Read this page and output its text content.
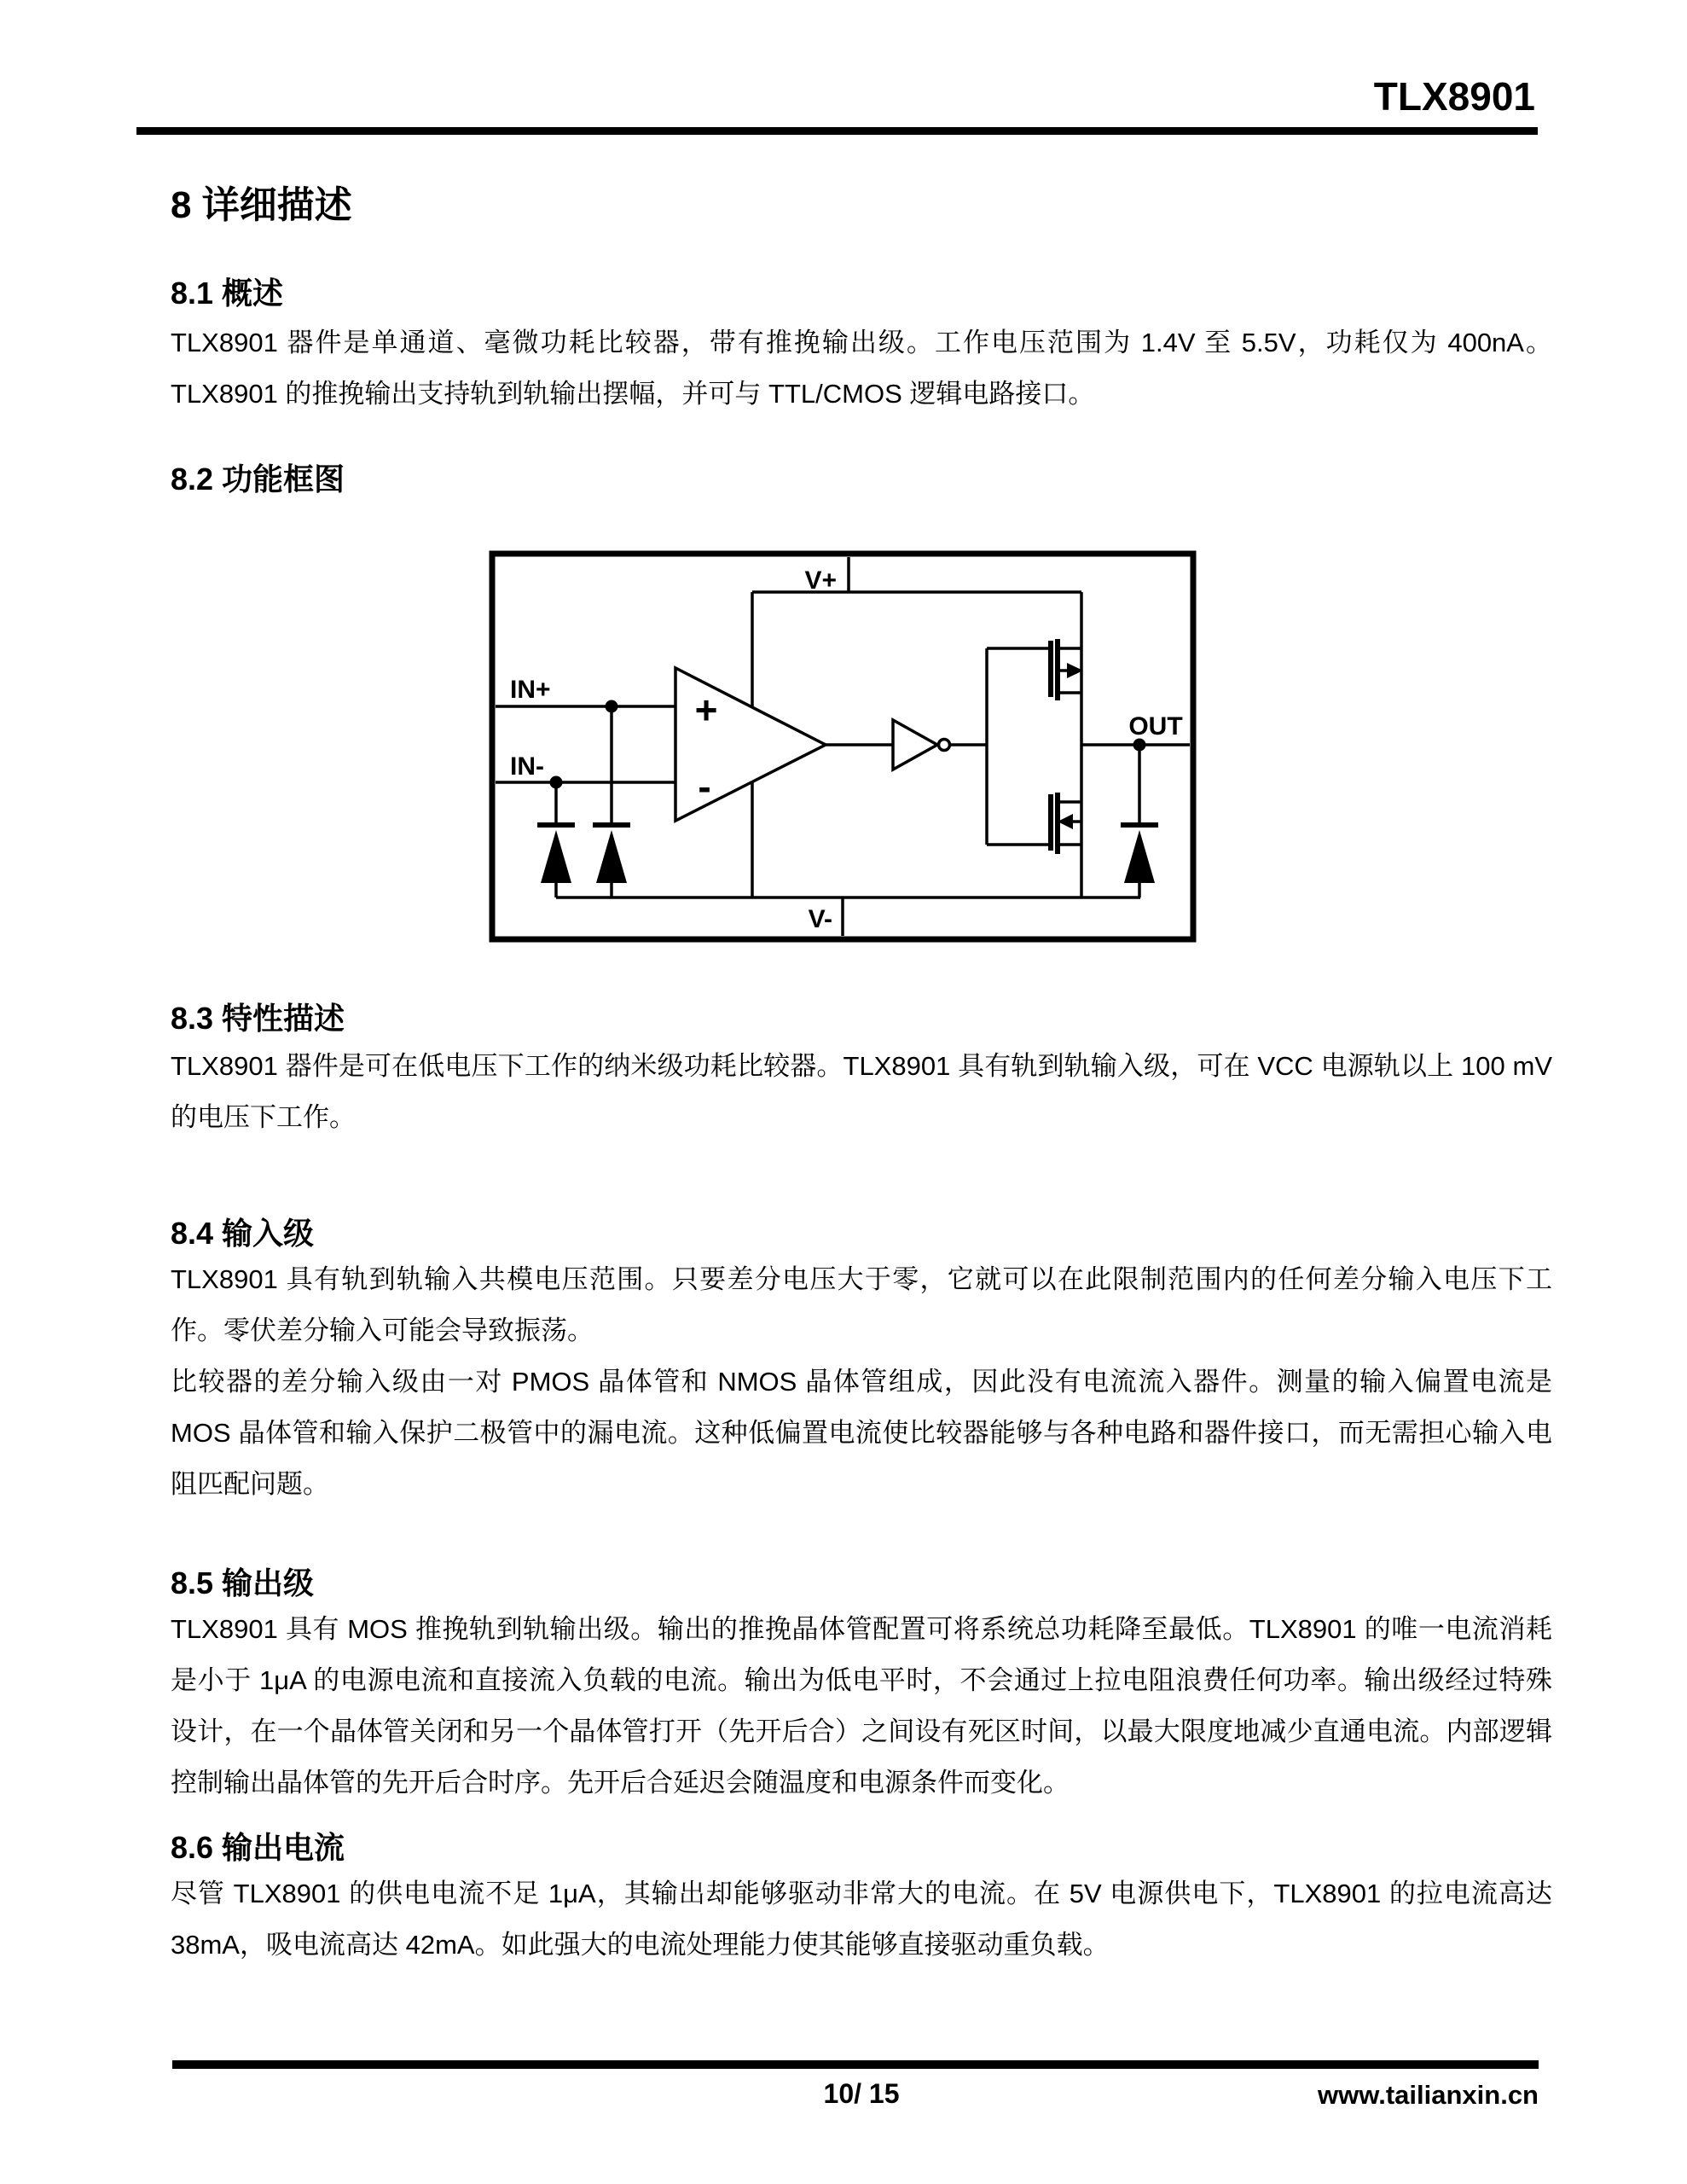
TLX8901
8 详细描述
8.1 概述
TLX8901 器件是单通道、毫微功耗比较器，带有推挽输出级。工作电压范围为 1.4V 至 5.5V，功耗仅为 400nA。TLX8901 的推挽输出支持轨到轨输出摆幅，并可与 TTL/CMOS 逻辑电路接口。
8.2 功能框图
+
-
V+
V-
IN+
IN-
OUT
8.3 特性描述
TLX8901 器件是可在低电压下工作的纳米级功耗比较器。TLX8901 具有轨到轨输入级，可在 VCC 电源轨以上 100 mV 的电压下工作。
8.4 输入级

TLX8901 具有轨到轨输入共模电压范围。只要差分电压大于零，它就可以在此限制范围内的任何差分输入电压下工作。零伏差分输入可能会导致振荡。

比较器的差分输入级由一对 PMOS 晶体管和 NMOS 晶体管组成，因此没有电流流入器件。测量的输入偏置电流是 MOS 晶体管和输入保护二极管中的漏电流。这种低偏置电流使比较器能够与各种电路和器件接口，而无需担心输入电阻匹配问题。

8.5 输出级
TLX8901 具有 MOS 推挽轨到轨输出级。输出的推挽晶体管配置可将系统总功耗降至最低。TLX8901 的唯一电流消耗是小于 1μA 的电源电流和直接流入负载的电流。输出为低电平时，不会通过上拉电阻浪费任何功率。输出级经过特殊设计，在一个晶体管关闭和另一个晶体管打开（先开后合）之间设有死区时间，以最大限度地减少直通电流。内部逻辑控制输出晶体管的先开后合时序。先开后合延迟会随温度和电源条件而变化。
8.6 输出电流
尽管 TLX8901 的供电电流不足 1μA，其输出却能够驱动非常大的电流。在 5V 电源供电下，TLX8901 的拉电流高达 38mA，吸电流高达 42mA。如此强大的电流处理能力使其能够直接驱动重负载。
10/ 15	www.tailianxin.cn
